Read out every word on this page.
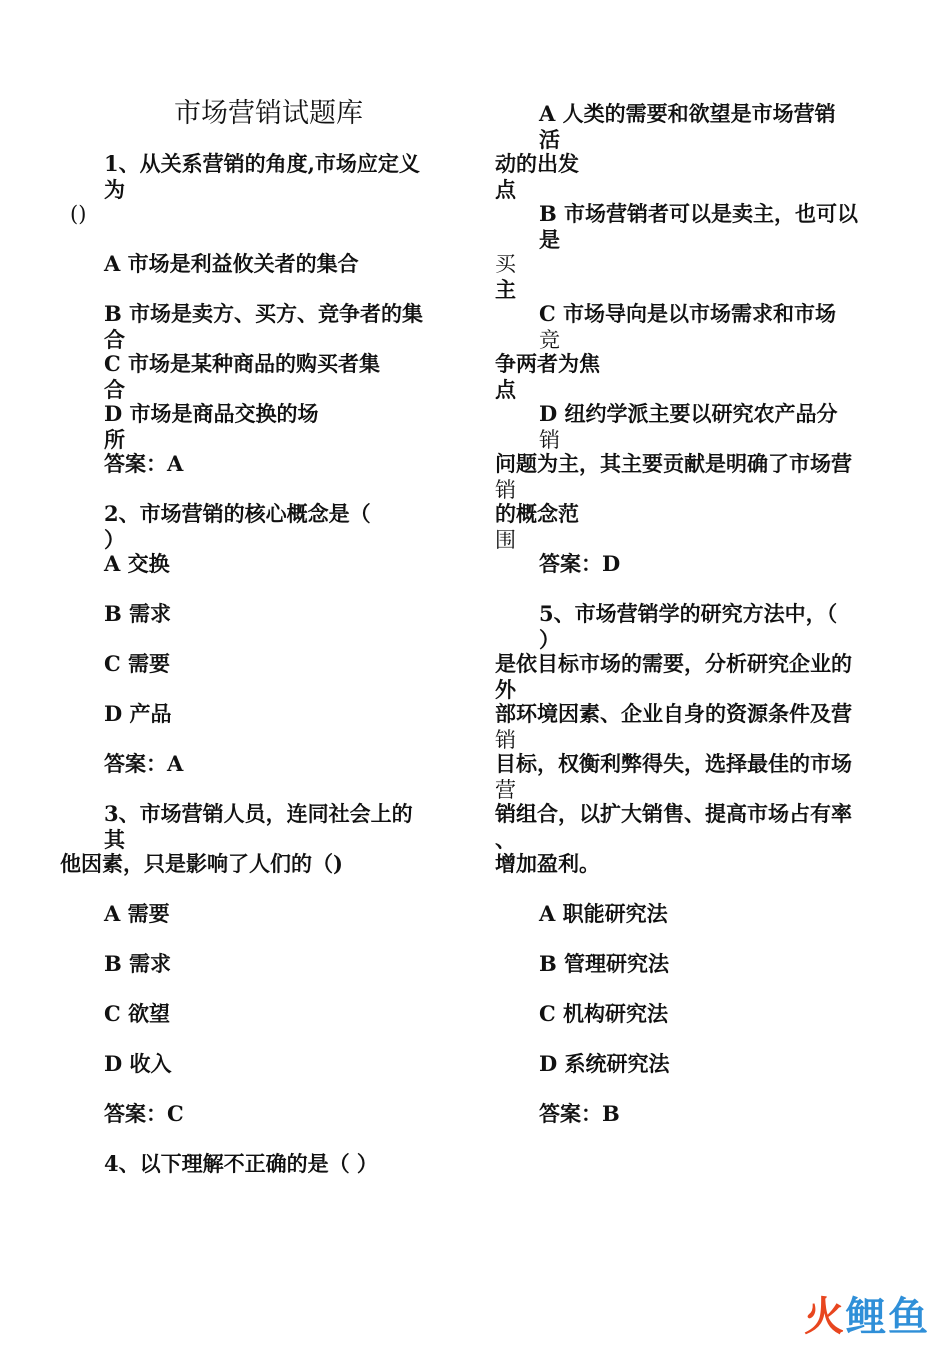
市场营销试题库
1、从关系营销的角度,市场应定义
为
()
A 市场是利益攸关者的集合
B 市场是卖方、买方、竞争者的集
合
C 市场是某种商品的购买者集
合
D 市场是商品交换的场
所
答案：A
2、市场营销的核心概念是（
）
A 交换
B 需求
C 需要
D 产品
答案：A
3、市场营销人员，连同社会上的
其
他因素，只是影响了人们的（)
A 需要
B 需求
C 欲望
D 收入
答案：C
4、以下理解不正确的是（ ）
A 人类的需要和欲望是市场营销
活
动的出发
点
B 市场营销者可以是卖主，也可以
是
买
主
C 市场导向是以市场需求和市场
竞
争两者为焦
点
D 纽约学派主要以研究农产品分
销
问题为主，其主要贡献是明确了市场营
销
的概念范
围
答案：D
5、市场营销学的研究方法中，（
）
是依目标市场的需要，分析研究企业的
外
部环境因素、企业自身的资源条件及营
销
目标，权衡利弊得失，选择最佳的市场
营
销组合，以扩大销售、提高市场占有率
、
增加盈利。
A 职能研究法
B 管理研究法
C 机构研究法
D 系统研究法
答案：B
火鲤鱼
